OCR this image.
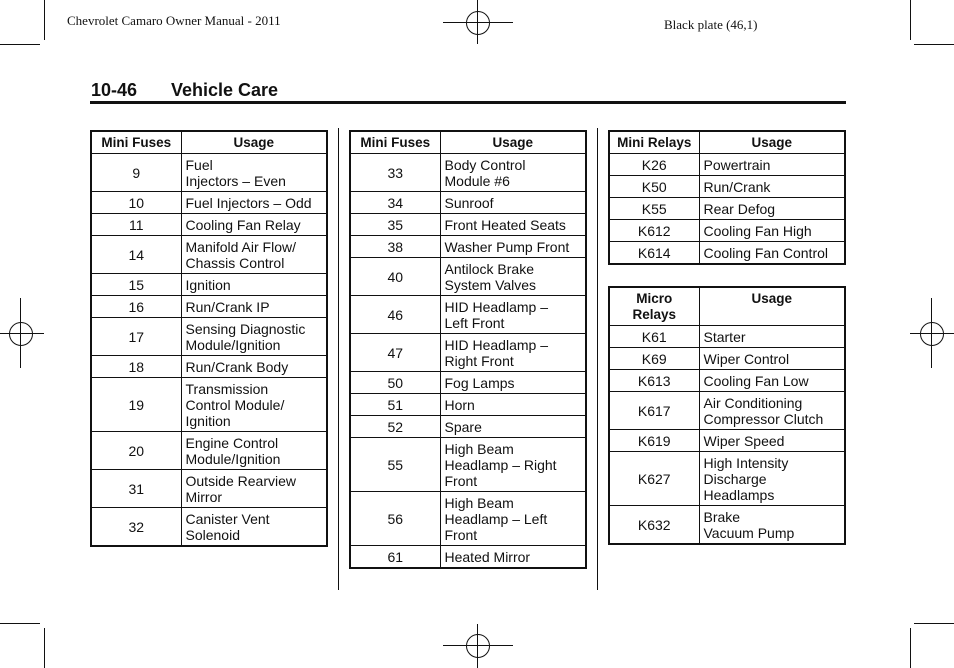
Chevrolet Camaro Owner Manual - 2011	Black plate (46,1)
10-46 Vehicle Care
Mini Fuses	Usage
9	Fuel
Injectors – Even
10	Fuel Injectors – Odd
11	Cooling Fan Relay
14	Manifold Air Flow/
Chassis Control
15	Ignition
16	Run/Crank IP
17	Sensing Diagnostic
Module/Ignition
18	Run/Crank Body
19	Transmission
Control Module/
Ignition
20	Engine Control
Module/Ignition
31	Outside Rearview
Mirror
32	Canister Vent
Solenoid
Mini Fuses	Usage
33	Body Control
Module #6
34	Sunroof
35	Front Heated Seats
38	Washer Pump Front
40	Antilock Brake
System Valves
46	HID Headlamp –
Left Front
47	HID Headlamp –
Right Front
50	Fog Lamps
51	Horn
52	Spare
55	High Beam
Headlamp – Right
Front
56	High Beam
Headlamp – Left
Front
61	Heated Mirror
Mini Relays	Usage
K26	Powertrain
K50	Run/Crank
K55	Rear Defog
K612	Cooling Fan High
K614	Cooling Fan Control
Micro
Relays	Usage
K61	Starter
K69	Wiper Control
K613	Cooling Fan Low
K617	Air Conditioning
Compressor Clutch
K619	Wiper Speed
K627	High Intensity
Discharge
Headlamps
K632	Brake
Vacuum Pump
